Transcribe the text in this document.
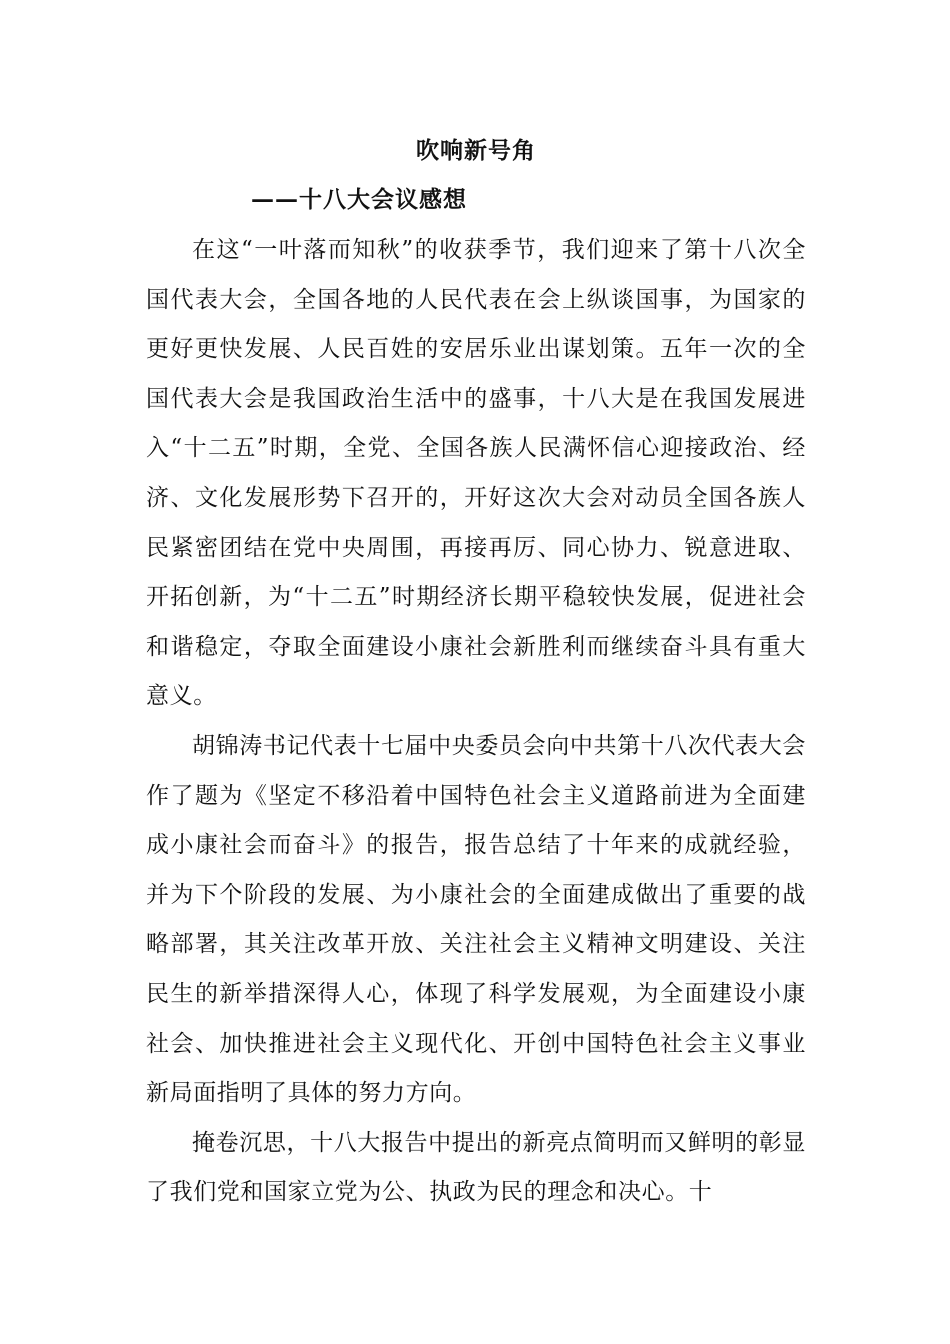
吹响新号角
——十八大会议感想

在这“一叶落而知秋”的收获季节，我们迎来了第十八次全国代表大会，全国各地的人民代表在会上纵谈国事，为国家的更好更快发展、人民百姓的安居乐业出谋划策。五年一次的全国代表大会是我国政治生活中的盛事，十八大是在我国发展进入“十二五”时期，全党、全国各族人民满怀信心迎接政治、经济、文化发展形势下召开的，开好这次大会对动员全国各族人民紧密团结在党中央周围，再接再厉、同心协力、锐意进取、开拓创新，为“十二五”时期经济长期平稳较快发展，促进社会和谐稳定，夺取全面建设小康社会新胜利而继续奋斗具有重大意义。

胡锦涛书记代表十七届中央委员会向中共第十八次代表大会作了题为《坚定不移沿着中国特色社会主义道路前进为全面建成小康社会而奋斗》的报告，报告总结了十年来的成就经验，并为下个阶段的发展、为小康社会的全面建成做出了重要的战略部署，其关注改革开放、关注社会主义精神文明建设、关注民生的新举措深得人心，体现了科学发展观，为全面建设小康社会、加快推进社会主义现代化、开创中国特色社会主义事业新局面指明了具体的努力方向。

掩卷沉思，十八大报告中提出的新亮点简明而又鲜明的彰显了我们党和国家立党为公、执政为民的理念和决心。十
